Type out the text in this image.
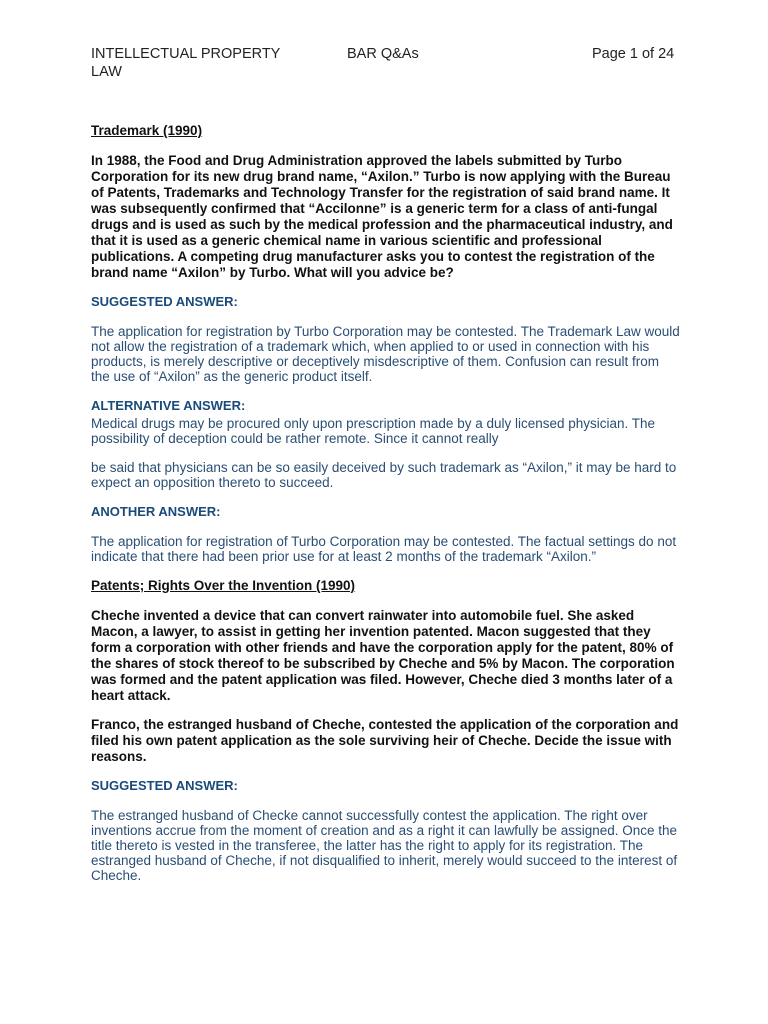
INTELLECTUAL PROPERTY LAW
BAR Q&As	Page 1 of 24

Trademark (1990)

In 1988, the Food and Drug Administration approved the labels submitted by Turbo Corporation for its new drug brand name, “Axilon.” Turbo is now applying with the Bureau of Patents, Trademarks and Technology Transfer for the registration of said brand name. It was subsequently confirmed that “Accilonne” is a generic term for a class of anti-fungal drugs and is used as such by the medical profession and the pharmaceutical industry, and that it is used as a generic chemical name in various scientific and professional publications. A competing drug manufacturer asks you to contest the registration of the brand name “Axilon” by Turbo. What will you advice be?

SUGGESTED ANSWER:

The application for registration by Turbo Corporation may be contested. The Trademark Law would not allow the registration of a trademark which, when applied to or used in connection with his products, is merely descriptive or deceptively misdescriptive of them. Confusion can result from the use of “Axilon” as the generic product itself.

ALTERNATIVE ANSWER:

Medical drugs may be procured only upon prescription made by a duly licensed physician. The possibility of deception could be rather remote. Since it cannot really

be said that physicians can be so easily deceived by such trademark as “Axilon,” it may be hard to expect an opposition thereto to succeed.

ANOTHER ANSWER:

The application for registration of Turbo Corporation may be contested. The factual settings do not indicate that there had been prior use for at least 2 months of the trademark “Axilon.”

Patents; Rights Over the Invention (1990)

Cheche invented a device that can convert rainwater into automobile fuel. She asked Macon, a lawyer, to assist in getting her invention patented. Macon suggested that they form a corporation with other friends and have the corporation apply for the patent, 80% of the shares of stock thereof to be subscribed by Cheche and 5% by Macon. The corporation was formed and the patent application was filed. However, Cheche died 3 months later of a heart attack.

Franco, the estranged husband of Cheche, contested the application of the corporation and filed his own patent application as the sole surviving heir of Cheche. Decide the issue with reasons.

SUGGESTED ANSWER:

The estranged husband of Checke cannot successfully contest the application. The right over inventions accrue from the moment of creation and as a right it can lawfully be assigned. Once the title thereto is vested in the transferee, the latter has the right to apply for its registration. The estranged husband of Cheche, if not disqualified to inherit, merely would succeed to the interest of Cheche.
